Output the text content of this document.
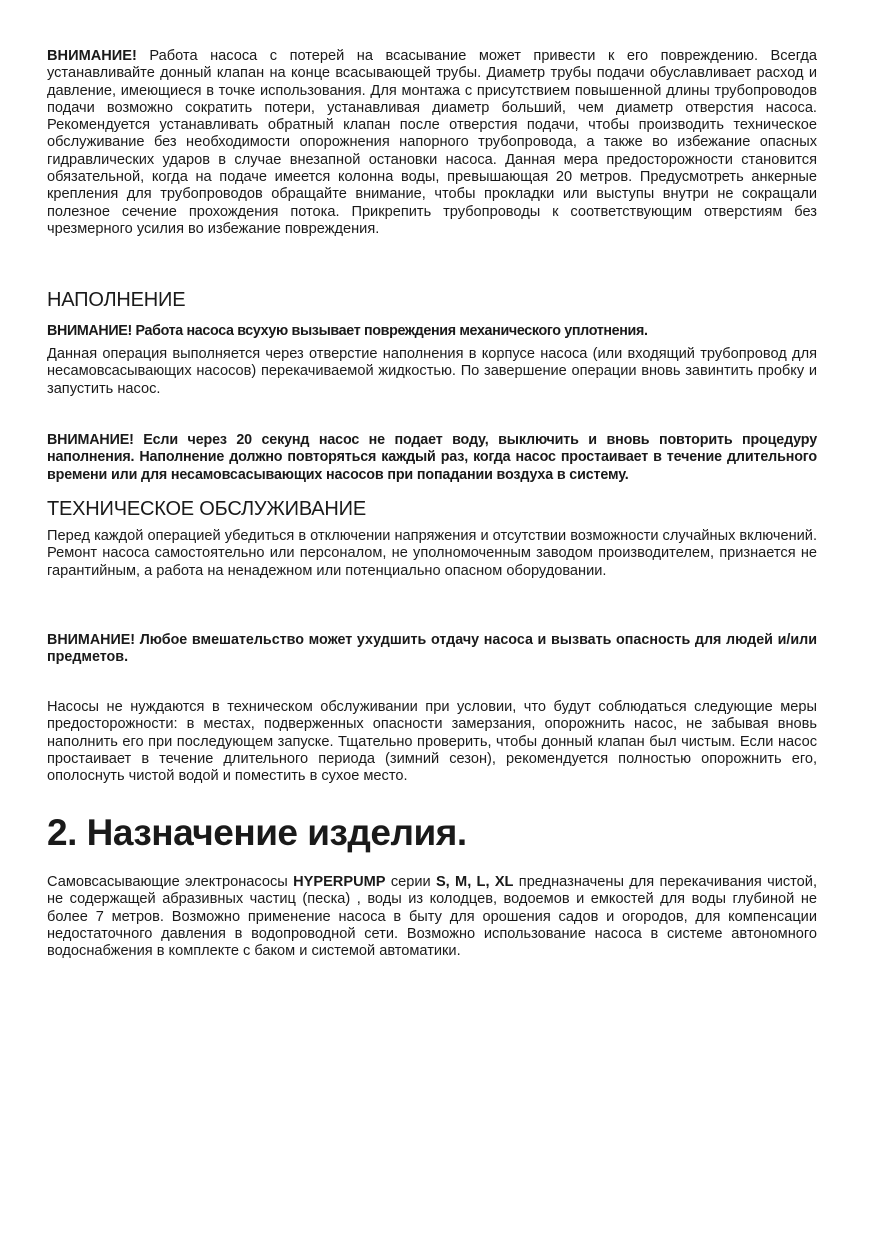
ВНИМАНИЕ! Работа насоса с потерей на всасывание может привести к его повреждению. Всегда устанавливайте донный клапан на конце всасывающей трубы. Диаметр трубы подачи обуславливает расход и давление, имеющиеся в точке использования. Для монтажа с присутствием повышенной длины трубопроводов подачи возможно сократить потери, устанавливая диаметр больший, чем диаметр отверстия насоса. Рекомендуется устанавливать обратный клапан после отверстия подачи, чтобы производить техническое обслуживание без необходимости опорожнения напорного трубопровода, а также во избежание опасных гидравлических ударов в случае внезапной остановки насоса. Данная мера предосторожности становится обязательной, когда на подаче имеется колонна воды, превышающая 20 метров. Предусмотреть анкерные крепления для трубопроводов обращайте внимание, чтобы прокладки или выступы внутри не сокращали полезное сечение прохождения потока. Прикрепить трубопроводы к соответствующим отверстиям без чрезмерного усилия во избежание повреждения.

НАПОЛНЕНИЕ

ВНИМАНИЕ! Работа насоса всухую вызывает повреждения механического уплотнения.

Данная операция выполняется через отверстие наполнения в корпусе насоса (или входящий трубопровод для несамовсасывающих насосов) перекачиваемой жидкостью. По завершение операции вновь завинтить пробку и запустить насос.

ВНИМАНИЕ! Если через 20 секунд насос не подает воду, выключить и вновь повторить процедуру наполнения. Наполнение должно повторяться каждый раз, когда насос простаивает в течение длительного времени или для несамовсасывающих насосов при попадании воздуха в систему.

ТЕХНИЧЕСКОЕ ОБСЛУЖИВАНИЕ

Перед каждой операцией убедиться в отключении напряжения и отсутствии возможности случайных включений. Ремонт насоса самостоятельно или персоналом, не уполномоченным заводом производителем, признается не гарантийным, а работа на ненадежном или потенциально опасном оборудовании.

ВНИМАНИЕ! Любое вмешательство может ухудшить отдачу насоса и вызвать опасность для людей и/или предметов.

Насосы не нуждаются в техническом обслуживании при условии, что будут соблюдаться следующие меры предосторожности: в местах, подверженных опасности замерзания, опорожнить насос, не забывая вновь наполнить его при последующем запуске. Тщательно проверить, чтобы донный клапан был чистым. Если насос простаивает в течение длительного периода (зимний сезон), рекомендуется полностью опорожнить его, ополоснуть чистой водой и поместить в сухое место.

2. Назначение изделия.

Самовсасывающие электронасосы HYPERPUMP серии S, M, L, XL предназначены для перекачивания чистой, не содержащей абразивных частиц (песка) , воды из колодцев, водоемов и емкостей для воды глубиной не более 7 метров. Возможно применение насоса в быту для орошения садов и огородов, для компенсации недостаточного давления в водопроводной сети. Возможно использование насоса в системе автономного водоснабжения в комплекте с баком и системой автоматики.
